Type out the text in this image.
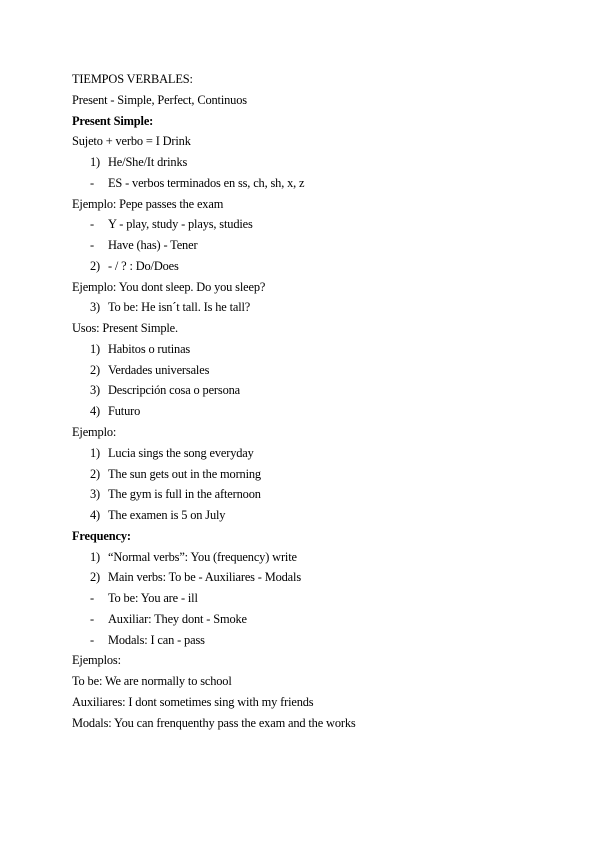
TIEMPOS VERBALES:
Present - Simple, Perfect, Continuos
Present Simple:
Sujeto + verbo = I Drink
1) He/She/It drinks
- ES - verbos terminados en ss, ch, sh, x, z
Ejemplo: Pepe passes the exam
- Y - play, study - plays, studies
- Have (has) - Tener
2) - / ? : Do/Does
Ejemplo: You dont sleep. Do you sleep?
3) To be: He isn´t tall. Is he tall?
Usos: Present Simple.
1) Habitos o rutinas
2) Verdades universales
3) Descripción cosa o persona
4) Futuro
Ejemplo:
1) Lucia sings the song everyday
2) The sun gets out in the morning
3) The gym is full in the afternoon
4) The examen is 5 on July
Frequency:
1) “Normal verbs”: You (frequency) write
2) Main verbs: To be - Auxiliares - Modals
- To be: You are - ill
- Auxiliar: They dont - Smoke
- Modals: I can - pass
Ejemplos:
To be: We are normally to school
Auxiliares: I dont sometimes sing with my friends
Modals: You can frenquenthy pass the exam and the works
